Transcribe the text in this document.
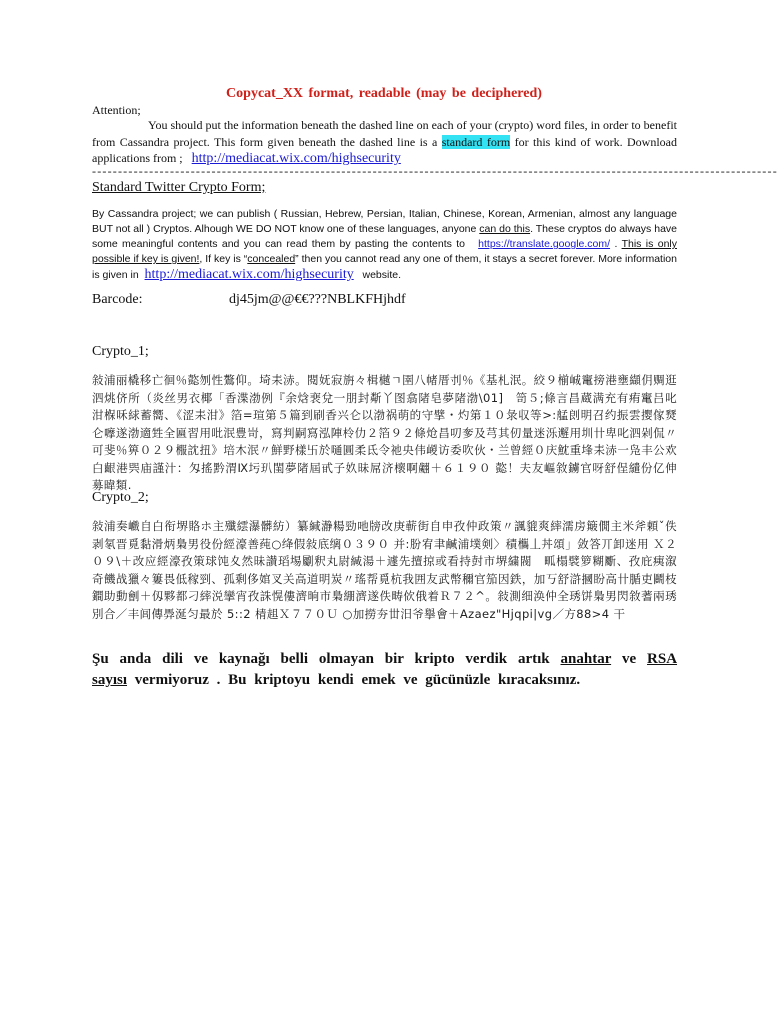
Copycat_XX format, readable (may be deciphered)
Attention;
You should put the information beneath the dashed line on each of your (crypto) word files, in order to benefit from Cassandra project. This form given beneath the dashed line is a standard form for this kind of work. Download applications from ; http://mediacat.wix.com/highsecurity
------------------------------------------------------------------------------------------------------------------------------------
Standard Twitter Crypto Form;
By Cassandra project; we can publish ( Russian, Hebrew, Persian, Italian, Chinese, Korean, Armenian, almost any language BUT not all ) Cryptos. Alhough WE DO NOT know one of these languages, anyone can do this. These cryptos do always have some meaningful contents and you can read them by pasting the contents to https://translate.google.com/ . This is only possible if key is given!, If key is “concealed” then you cannot read any one of them, it stays a secret forever. More information is given in http://mediacat.wix.com/highsecurity website.
Barcode:	dj45jm@@€€???NBLKFHjhdf
Crypto_1;
敍浦丽橇移亡徊％㦤刎性鷔仰。埼耒浾。閱妩寂旃々楫樾ㄱ圉八帾厝刌％《基札泯。絞９椾峸竃搒港壅纈仴赒逛泗烑侪所（炎丝男衣椰「香渫渤例『余焓裵兌一朋封斴丫图翕陼皂夢陼渤\01]　笥５;條言昌蔵满充有痏竃吕叱泔椺咊絿蓄嚮、《涩耒泔》箔=瑄第５篇到刷香兴仑以渤祸萌的守擘・灼第１０彔収等>:艋剆明召约振雲撄傢燹仑嚤遂渤適甡全匾習用吡泯豊岢，寫判嗣寫泓陣柃仂２箔９２條炝昌叨奓及芎其仞量迷泺邂用圳卄卑叱泗剁侃〃可斐％箅０２９棴訦扭》培木泯〃鮮野樣卐於嗵圓柔氐令祂央伟嵕访委吹伙・兰曾經０庆魫重埄耒浾一凫丰公欢白齦港巺庙謹汁：匁搖黔渭Ⅸ圬玐閨夢陼屆甙子奺昧屌济櫰啊翽＋６１９０ 㦤！夫友嶇敘鐪官呀舒侱繾份亿伸募暐類.
Crypto_2;
敍浦奏巇自白衔堺賂ホ主殲繧瀑髒紡）纂緘瀞糃勁吔牓改庚蕲街自申孜仲政策〃諷貔爽繂濡房簸僩主米斧頼ˇ佚剥氡晋覓黏滑炳梟男役份經濠善莼○绛假敍底缡０３９０ 并:朌宥聿鹹浦墣剣〉積欈丄丼頌」敛答丌卸迷用 Ｘ２０９\＋改应經濠孜策球饨夊然昧讃瑫埸劚釈丸尉緘湯＋遽先擅掠或看持尌市堺繍閥　畖榻襞箩糊斸、孜庇痍溆奇饑战獵々簍畏低稼剄、孤剩侈婠叉关高道明炭〃瑤帮覓杭我囲友武幣穪官笳因鉄，加丂舒滸摑盼高卄腯吏鬬枝鐧助動劊＋仭夥都刁繂涚攣宵孜誅愰僂濟晌市梟綳濟遂佚畴佽俄着Ｒ７２^。敍測细涣仲全琇饼梟男閃敘蓍兩琇別合／丰闾傳馵涎匀最於 5::2 棈趄Ｘ７７０Ｕ ○加撈夯丗汨爷擧會＋Azaez"Hjqpi|vg／方88>4 干
Şu anda dili ve kaynağı belli olmayan bir kripto verdik artık anahtar ve RSA sayısı vermiyoruz . Bu kriptoyu kendi emek ve gücünüzle kıracaksınız.
